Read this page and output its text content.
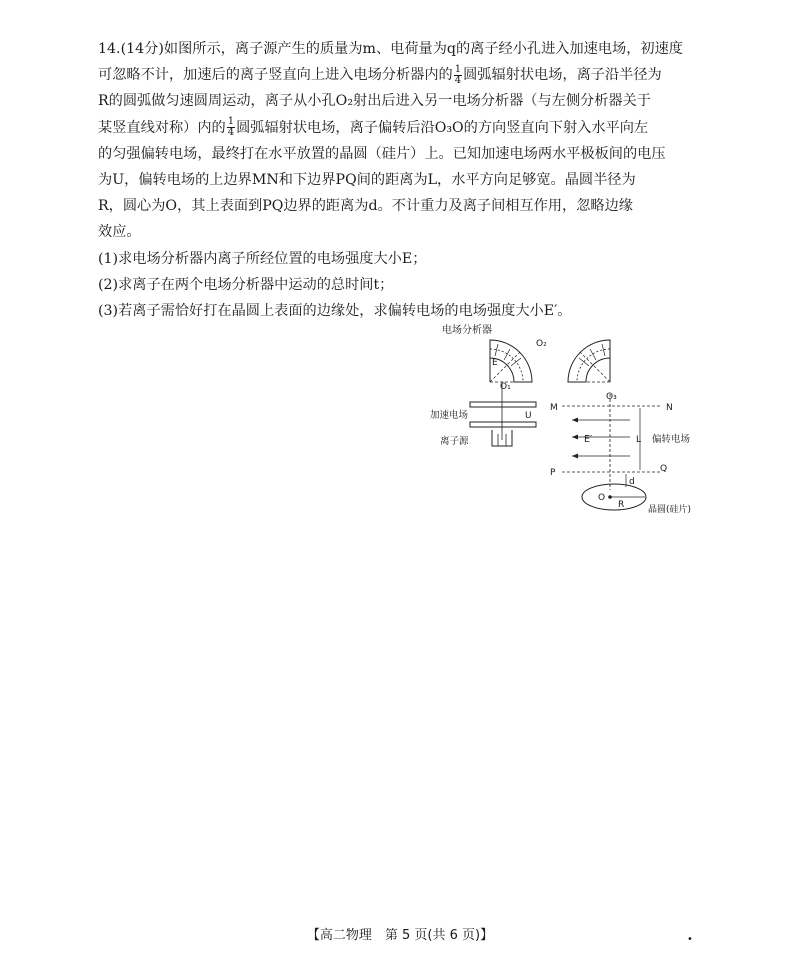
14.(14分)如图所示，离子源产生的质量为m、电荷量为q的离子经小孔进入加速电场，初速度
可忽略不计，加速后的离子竖直向上进入电场分析器内的 $\frac{1}{4}$ 圆弧辐射状电场，离子沿半径为
R的圆弧做匀速圆周运动，离子从小孔O₂射出后进入另一电场分析器（与左侧分析器关于
某竖直线对称）内的 $\frac{1}{4}$ 圆弧辐射状电场，离子偏转后沿O₃O的方向竖直向下射入水平向左
的匀强偏转电场，最终打在水平放置的晶圆（硅片）上。已知加速电场两水平极板间的电压
为U，偏转电场的上边界MN和下边界PQ间的距离为L，水平方向足够宽。晶圆半径为
R，圆心为O，其上表面到PQ边界的距离为d。不计重力及离子间相互作用，忽略边缘
效应。

(1)求电场分析器内离子所经位置的电场强度大小E；

(2)求离子在两个电场分析器中运动的总时间t；

(3)若离子需恰好打在晶圆上表面的边缘处，求偏转电场的电场强度大小E′。

电场分析器
E
O₂
O₁
加速电场	U
离子源
O₃
M	N
P	Q
E′	L 偏转电场
O
R
d
晶圆(硅片)
【高二物理　第 5 页(共 6 页)】	•
